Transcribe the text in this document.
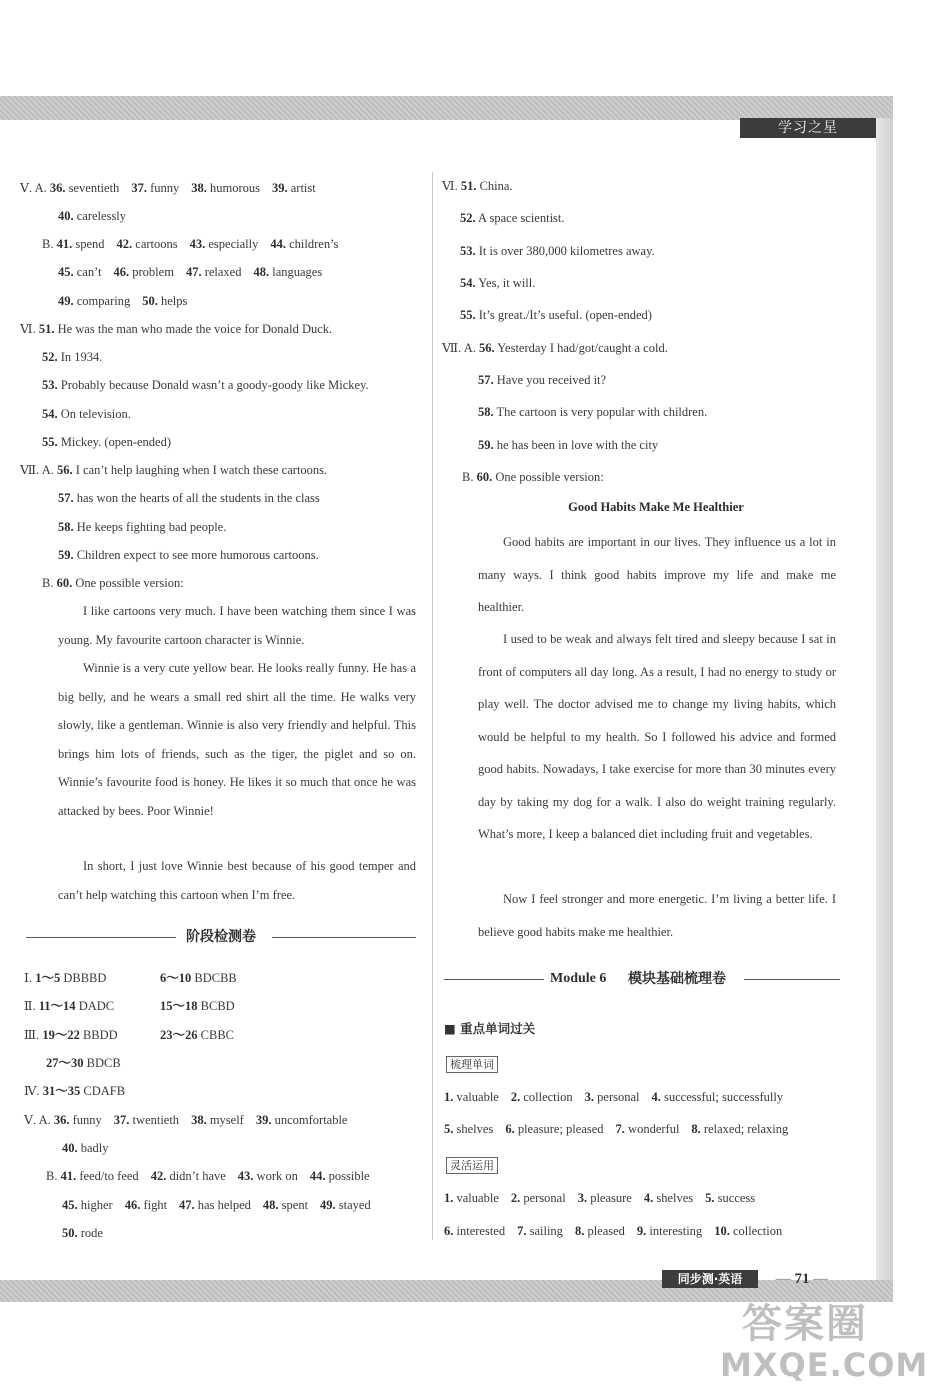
学习之星
Ⅴ. A. 36. seventieth 37. funny 38. humorous 39. artist
40. carelessly
B. 41. spend 42. cartoons 43. especially 44. children’s
45. can’t 46. problem 47. relaxed 48. languages
49. comparing 50. helps
Ⅵ. 51. He was the man who made the voice for Donald Duck.
52. In 1934.
53. Probably because Donald wasn’t a goody-goody like Mickey.
54. On television.
55. Mickey. (open-ended)
Ⅶ. A. 56. I can’t help laughing when I watch these cartoons.
57. has won the hearts of all the students in the class
58. He keeps fighting bad people.
59. Children expect to see more humorous cartoons.
B. 60. One possible version:
I like cartoons very much. I have been watching them since I was young. My favourite cartoon character is Winnie.
Winnie is a very cute yellow bear. He looks really funny. He has a big belly, and he wears a small red shirt all the time. He walks very slowly, like a gentleman. Winnie is also very friendly and helpful. This brings him lots of friends, such as the tiger, the piglet and so on. Winnie’s favourite food is honey. He likes it so much that once he was attacked by bees. Poor Winnie!
In short, I just love Winnie best because of his good temper and can’t help watching this cartoon when I’m free.
阶段检测卷
Ⅰ. 1～5 DBBBD	6～10 BDCBB
Ⅱ. 11～14 DADC	15～18 BCBD
Ⅲ. 19～22 BBDD	23～26 CBBC
27～30 BDCB
Ⅳ. 31～35 CDAFB
Ⅴ. A. 36. funny 37. twentieth 38. myself 39. uncomfortable
40. badly
B. 41. feed/to feed 42. didn’t have 43. work on 44. possible
45. higher 46. fight 47. has helped 48. spent 49. stayed
50. rode
Ⅵ. 51. China.
52. A space scientist.
53. It is over 380,000 kilometres away.
54. Yes, it will.
55. It’s great./It’s useful. (open-ended)
Ⅶ. A. 56. Yesterday I had/got/caught a cold.
57. Have you received it?
58. The cartoon is very popular with children.
59. he has been in love with the city
B. 60. One possible version:
Good Habits Make Me Healthier
Good habits are important in our lives. They influence us a lot in many ways. I think good habits improve my life and make me healthier.
I used to be weak and always felt tired and sleepy because I sat in front of computers all day long. As a result, I had no energy to study or play well. The doctor advised me to change my living habits, which would be helpful to my health. So I followed his advice and formed good habits. Nowadays, I take exercise for more than 30 minutes every day by taking my dog for a walk. I also do weight training regularly. What’s more, I keep a balanced diet including fruit and vegetables.
Now I feel stronger and more energetic. I’m living a better life. I believe good habits make me healthier.
Module 6 模块基础梳理卷
■ 重点单词过关
梳理单词
1. valuable 2. collection 3. personal 4. successful; successfully
5. shelves 6. pleasure; pleased 7. wonderful 8. relaxed; relaxing
灵活运用
1. valuable 2. personal 3. pleasure 4. shelves 5. success
6. interested 7. sailing 8. pleased 9. interesting 10. collection
同步测·英语	— 71 —
答案圈
MXQE.COM
